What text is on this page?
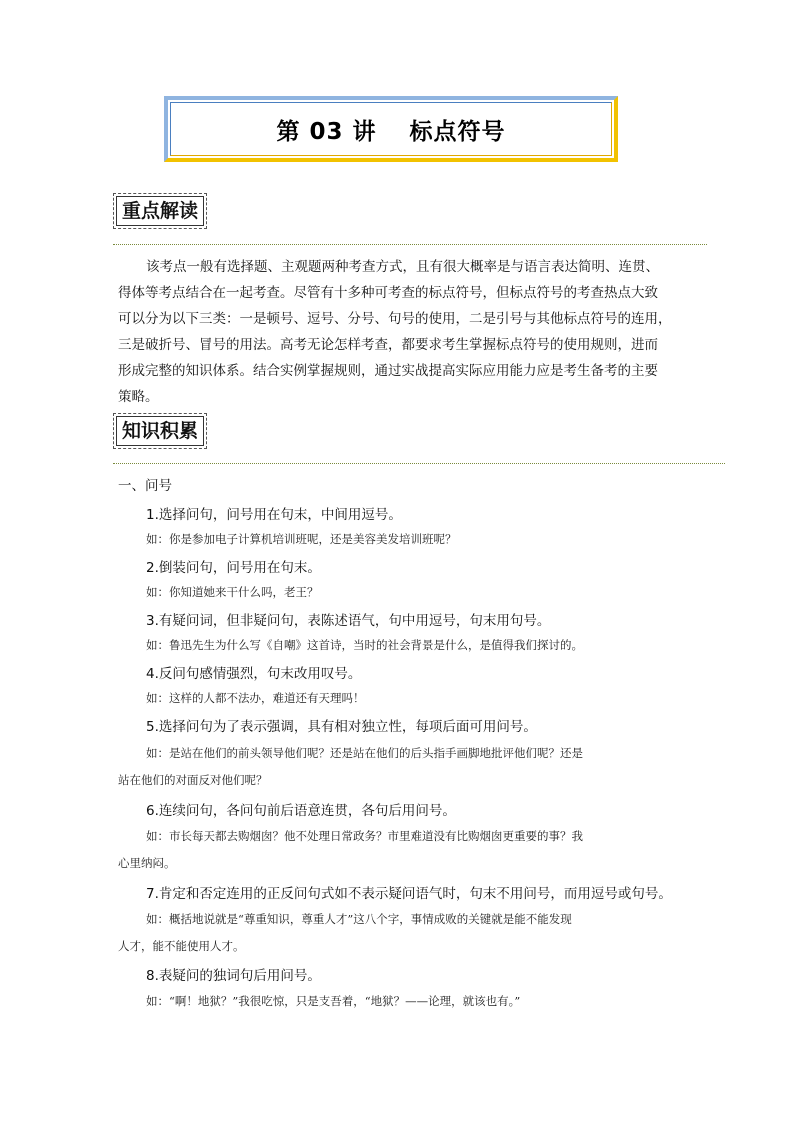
第 03 讲　 标点符号
重点解读

该考点一般有选择题、主观题两种考查方式，且有很大概率是与语言表达简明、连贯、

得体等考点结合在一起考查。尽管有十多种可考查的标点符号，但标点符号的考查热点大致

可以分为以下三类：一是顿号、逗号、分号、句号的使用，二是引号与其他标点符号的连用，

三是破折号、冒号的用法。高考无论怎样考查，都要求考生掌握标点符号的使用规则，进而

形成完整的知识体系。结合实例掌握规则，通过实战提高实际应用能力应是考生备考的主要

策略。

知识积累

一、问号

1.选择问句，问号用在句末，中间用逗号。

如：你是参加电子计算机培训班呢，还是美容美发培训班呢？

2.倒装问句，问号用在句末。

如：你知道她来干什么吗，老王？

3.有疑问词，但非疑问句，表陈述语气，句中用逗号，句末用句号。

如：鲁迅先生为什么写《自嘲》这首诗，当时的社会背景是什么，是值得我们探讨的。

4.反问句感情强烈，句末改用叹号。

如：这样的人都不法办，难道还有天理吗！

5.选择问句为了表示强调，具有相对独立性，每项后面可用问号。

如：是站在他们的前头领导他们呢？还是站在他们的后头指手画脚地批评他们呢？还是

站在他们的对面反对他们呢？

6.连续问句，各问句前后语意连贯，各句后用问号。

如：市长每天都去购烟囱？他不处理日常政务？市里难道没有比购烟囱更重要的事？我

心里纳闷。

7.肯定和否定连用的正反问句式如不表示疑问语气时，句末不用问号，而用逗号或句号。

如：概括地说就是“尊重知识，尊重人才”这八个字，事情成败的关键就是能不能发现

人才，能不能使用人才。

8.表疑问的独词句后用问号。

如：“啊！地狱？”我很吃惊，只是支吾着，“地狱？——论理，就该也有。”
